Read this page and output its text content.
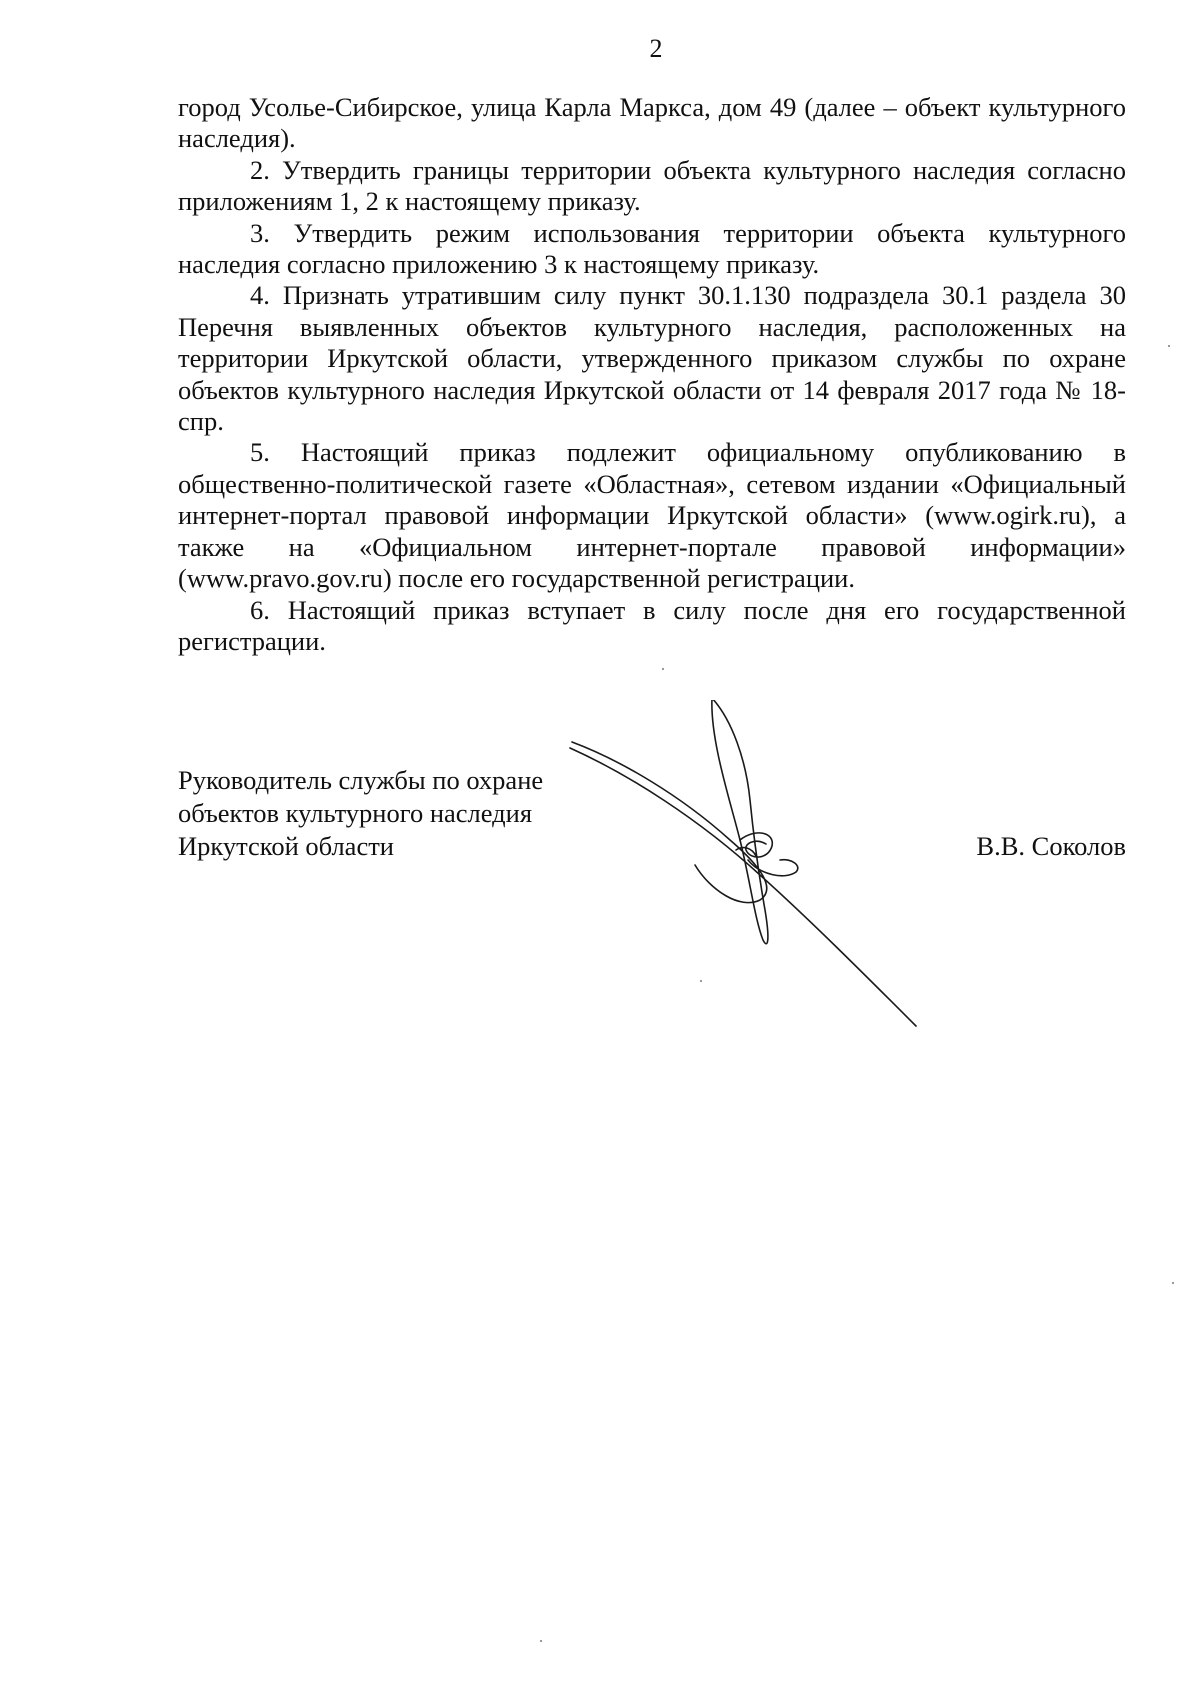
2

город Усолье-Сибирское, улица Карла Маркса, дом 49 (далее – объект культурного наследия).

2. Утвердить границы территории объекта культурного наследия согласно приложениям 1, 2 к настоящему приказу.

3. Утвердить режим использования территории объекта культурного наследия согласно приложению 3 к настоящему приказу.

4. Признать утратившим силу пункт 30.1.130 подраздела 30.1 раздела 30 Перечня выявленных объектов культурного наследия, расположенных на территории Иркутской области, утвержденного приказом службы по охране объектов культурного наследия Иркутской области от 14 февраля 2017 года № 18-спр.

5. Настоящий приказ подлежит официальному опубликованию в общественно-политической газете «Областная», сетевом издании «Официальный интернет-портал правовой информации Иркутской области» (www.ogirk.ru), а также на «Официальном интернет-портале правовой информации» (www.pravo.gov.ru) после его государственной регистрации.

6. Настоящий приказ вступает в силу после дня его государственной регистрации.

Руководитель службы по охране
объектов культурного наследия
Иркутской области	В.В. Соколов
